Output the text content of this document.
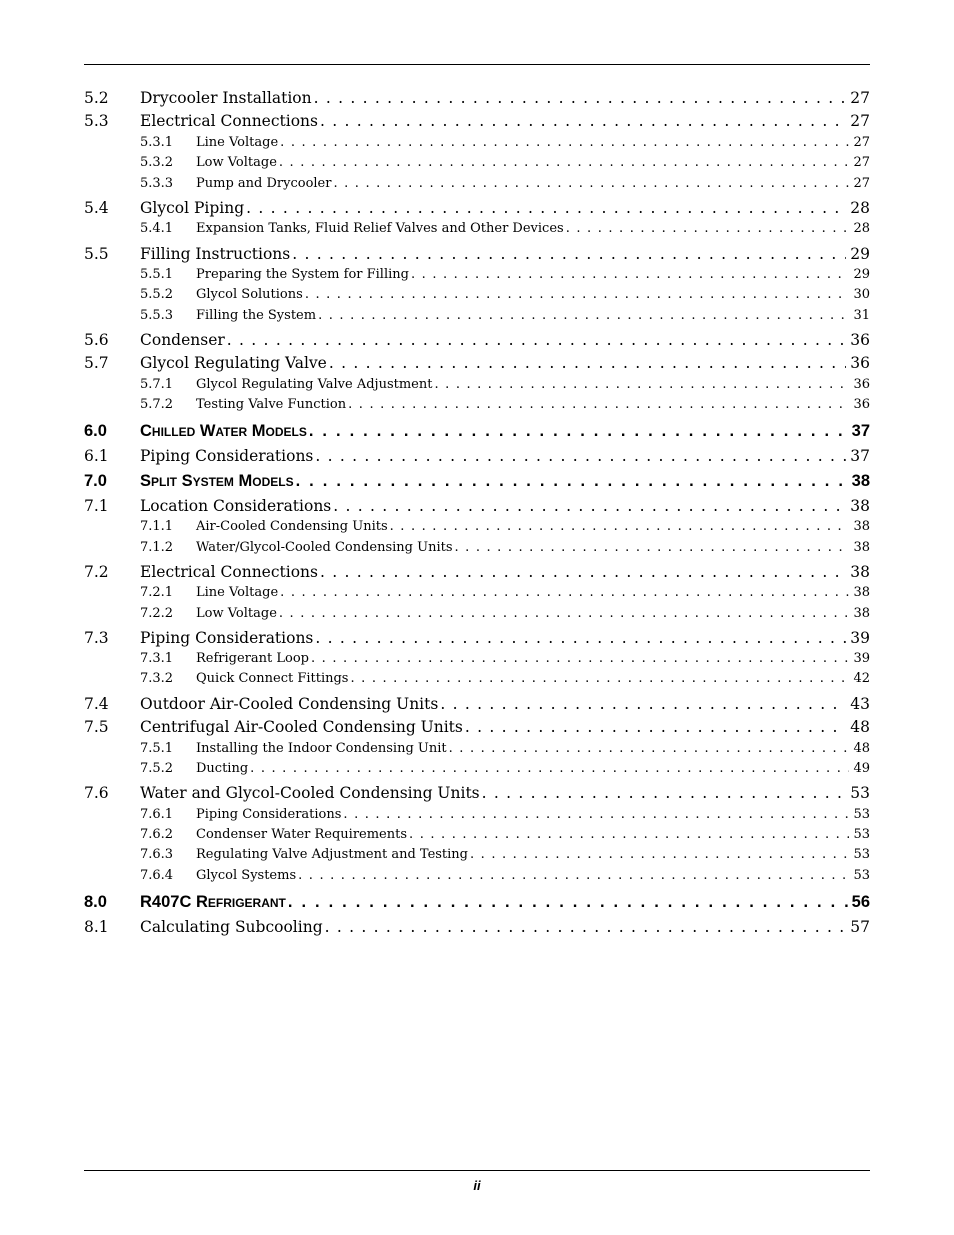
5.2	Drycooler Installation . . .	27
5.3	Electrical Connections . . .	27
5.3.1	Line Voltage . . .	27
5.3.2	Low Voltage . . .	27
5.3.3	Pump and Drycooler . . .	27
5.4	Glycol Piping . . .	28
5.4.1	Expansion Tanks, Fluid Relief Valves and Other Devices . . .	28
5.5	Filling Instructions . . .	29
5.5.1	Preparing the System for Filling . . .	29
5.5.2	Glycol Solutions . . .	30
5.5.3	Filling the System . . .	31
5.6	Condenser . . .	36
5.7	Glycol Regulating Valve . . .	36
5.7.1	Glycol Regulating Valve Adjustment . . .	36
5.7.2	Testing Valve Function . . .	36
6.0	Chilled Water Models . . .	37
6.1	Piping Considerations . . .	37
7.0	Split System Models . . .	38
7.1	Location Considerations . . .	38
7.1.1	Air-Cooled Condensing Units . . .	38
7.1.2	Water/Glycol-Cooled Condensing Units . . .	38
7.2	Electrical Connections . . .	38
7.2.1	Line Voltage . . .	38
7.2.2	Low Voltage . . .	38
7.3	Piping Considerations . . .	39
7.3.1	Refrigerant Loop . . .	39
7.3.2	Quick Connect Fittings . . .	42
7.4	Outdoor Air-Cooled Condensing Units . . .	43
7.5	Centrifugal Air-Cooled Condensing Units . . .	48
7.5.1	Installing the Indoor Condensing Unit . . .	48
7.5.2	Ducting . . .	49
7.6	Water and Glycol-Cooled Condensing Units . . .	53
7.6.1	Piping Considerations . . .	53
7.6.2	Condenser Water Requirements . . .	53
7.6.3	Regulating Valve Adjustment and Testing . . .	53
7.6.4	Glycol Systems . . .	53
8.0	R407C Refrigerant . . .	56
8.1	Calculating Subcooling . . .	57
ii
